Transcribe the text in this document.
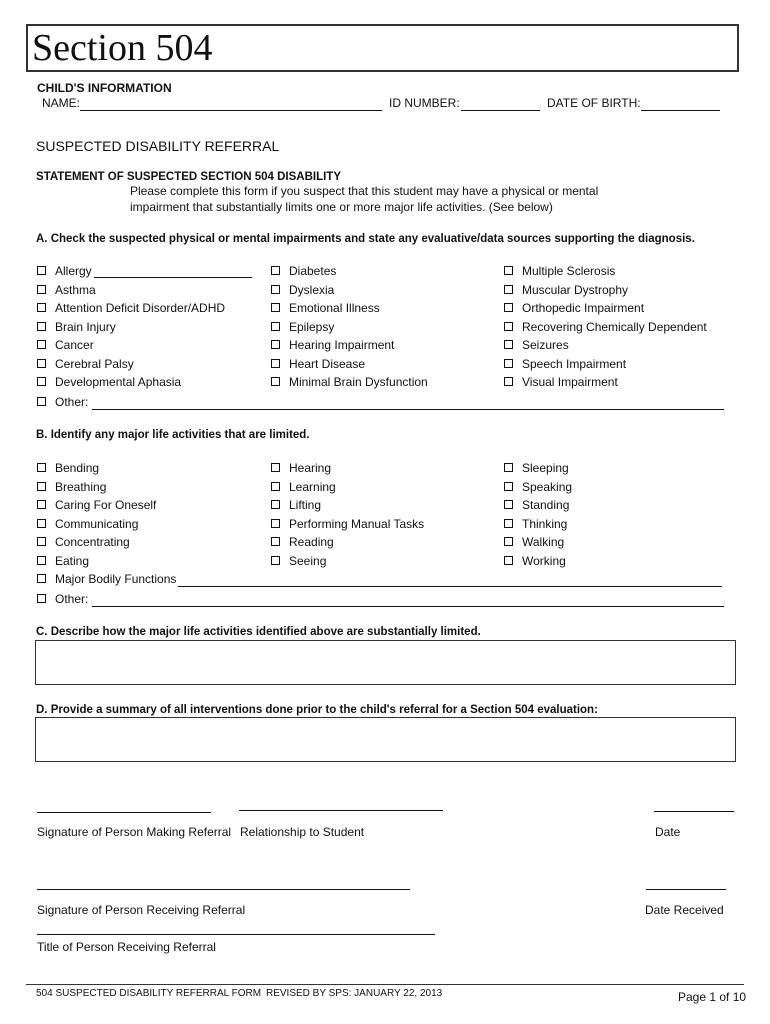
Section 504
CHILD'S INFORMATION
NAME:	ID NUMBER:	DATE OF BIRTH:
SUSPECTED DISABILITY REFERRAL
STATEMENT OF SUSPECTED SECTION 504 DISABILITY
Please complete this form if you suspect that this student may have a physical or mental
impairment that substantially limits one or more major life activities. (See below)
A. Check the suspected physical or mental impairments and state any evaluative/data sources supporting the diagnosis.
Allergy
Asthma
Attention Deficit Disorder/ADHD
Brain Injury
Cancer
Cerebral Palsy
Developmental Aphasia
Diabetes
Dyslexia
Emotional Illness
Epilepsy
Hearing Impairment
Heart Disease
Minimal Brain Dysfunction
Multiple Sclerosis
Muscular Dystrophy
Orthopedic Impairment
Recovering Chemically Dependent
Seizures
Speech Impairment
Visual Impairment
Other:
B. Identify any major life activities that are limited.
Bending
Breathing
Caring For Oneself
Communicating
Concentrating
Eating
Hearing
Learning
Lifting
Performing Manual Tasks
Reading
Seeing
Sleeping
Speaking
Standing
Thinking
Walking
Working
Major Bodily Functions
Other:
C. Describe how the major life activities identified above are substantially limited.
D. Provide a summary of all interventions done prior to the child's referral for a Section 504 evaluation:
Signature of Person Making Referral Relationship to Student	Date
Signature of Person Receiving Referral	Date Received
Title of Person Receiving Referral
504 SUSPECTED DISABILITY REFERRAL FORM REVISED BY SPS: JANUARY 22, 2013	Page 1 of 10
